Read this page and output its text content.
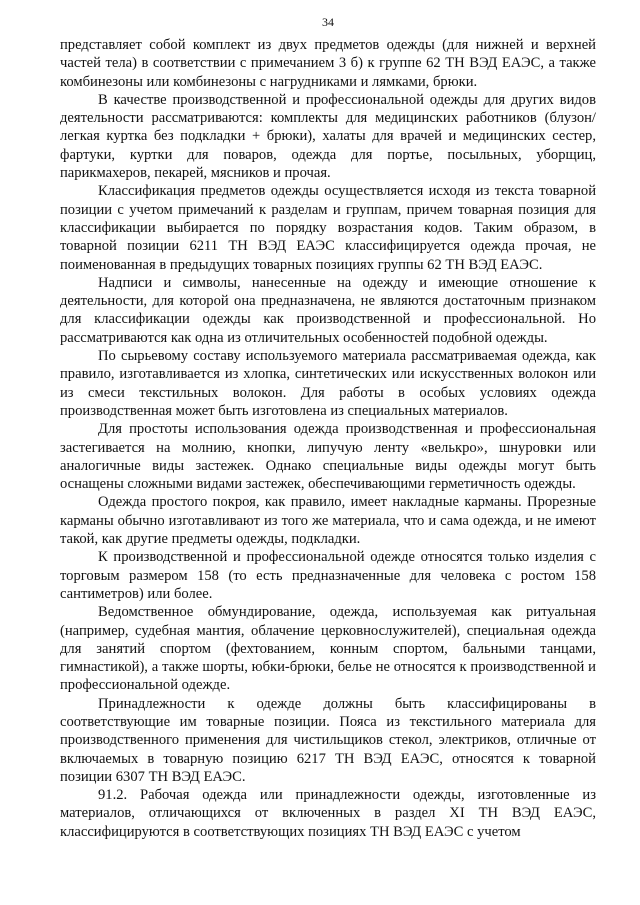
34

представляет собой комплект из двух предметов одежды (для нижней и верхней частей тела) в соответствии с примечанием 3 б) к группе 62 ТН ВЭД ЕАЭС, а также комбинезоны или комбинезоны с нагрудниками и лямками, брюки.

В качестве производственной и профессиональной одежды для других видов деятельности рассматриваются: комплекты для медицинских работников (блузон/легкая куртка без подкладки + брюки), халаты для врачей и медицинских сестер, фартуки, куртки для поваров, одежда для портье, посыльных, уборщиц, парикмахеров, пекарей, мясников и прочая.

Классификация предметов одежды осуществляется исходя из текста товарной позиции с учетом примечаний к разделам и группам, причем товарная позиция для классификации выбирается по порядку возрастания кодов. Таким образом, в товарной позиции 6211 ТН ВЭД ЕАЭС классифицируется одежда прочая, не поименованная в предыдущих товарных позициях группы 62 ТН ВЭД ЕАЭС.

Надписи и символы, нанесенные на одежду и имеющие отношение к деятельности, для которой она предназначена, не являются достаточным признаком для классификации одежды как производственной и профессиональной. Но рассматриваются как одна из отличительных особенностей подобной одежды.

По сырьевому составу используемого материала рассматриваемая одежда, как правило, изготавливается из хлопка, синтетических или искусственных волокон или из смеси текстильных волокон. Для работы в особых условиях одежда производственная может быть изготовлена из специальных материалов.

Для простоты использования одежда производственная и профессиональная застегивается на молнию, кнопки, липучую ленту «велькро», шнуровки или аналогичные виды застежек. Однако специальные виды одежды могут быть оснащены сложными видами застежек, обеспечивающими герметичность одежды.

Одежда простого покроя, как правило, имеет накладные карманы. Прорезные карманы обычно изготавливают из того же материала, что и сама одежда, и не имеют такой, как другие предметы одежды, подкладки.

К производственной и профессиональной одежде относятся только изделия с торговым размером 158 (то есть предназначенные для человека с ростом 158 сантиметров) или более.

Ведомственное обмундирование, одежда, используемая как ритуальная (например, судебная мантия, облачение церковнослужителей), специальная одежда для занятий спортом (фехтованием, конным спортом, бальными танцами, гимнастикой), а также шорты, юбки-брюки, белье не относятся к производственной и профессиональной одежде.

Принадлежности к одежде должны быть классифицированы в соответствующие им товарные позиции. Пояса из текстильного материала для производственного применения для чистильщиков стекол, электриков, отличные от включаемых в товарную позицию 6217 ТН ВЭД ЕАЭС, относятся к товарной позиции 6307 ТН ВЭД ЕАЭС.

91.2. Рабочая одежда или принадлежности одежды, изготовленные из материалов, отличающихся от включенных в раздел XI ТН ВЭД ЕАЭС, классифицируются в соответствующих позициях ТН ВЭД ЕАЭС с учетом
